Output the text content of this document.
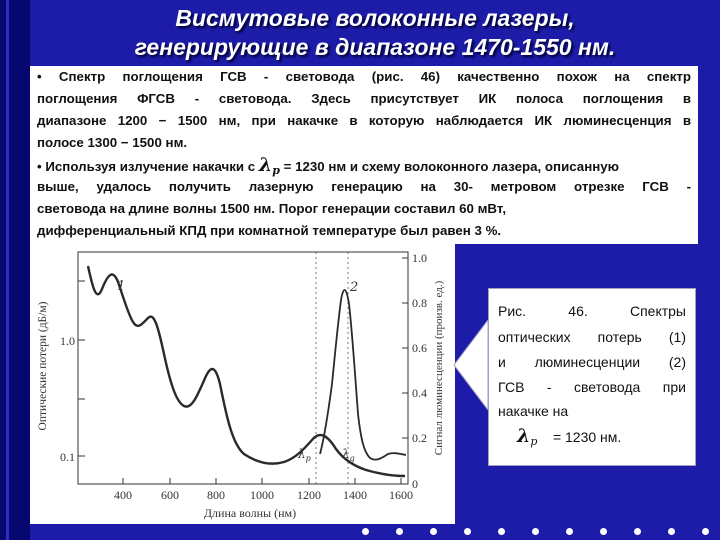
Висмутовые волоконные лазеры,
генерирующие в диапазоне 1470-1550 нм.
• Спектр поглощения ГСВ - световода (рис. 46) качественно похож на спектр
поглощения ФГСВ - световода. Здесь присутствует ИК полоса поглощения в
диапазоне 1200 − 1500 нм, при накачке в которую наблюдается ИК люминесценция в
полосе 1300 − 1500 нм.
• Используя излучение накачки с $\lambda_p = 1230$ нм и схему волоконного лазера, описанную
выше, удалось получить лазерную генерацию на 30- метровом отрезке ГСВ -
световода на длине волны 1500 нм. Порог генерации составил 60 мВт,
дифференциальный КПД при комнатной температуре был равен 3 %.
1	2
$\lambda_p$	$\lambda_g$
1.0
0.1
1.0
0.8
0.6
0.4
0.2
0
400 600 800 1000 1200 1400 1600
Длина волны (нм)
Оптические потери (дБ/м)	Сигнал люминесценции (произв. ед.)	Рис. 46. Спектры
оптических потерь (1)
и люминесценции (2)
ГСВ - световода при
накачке на
$\lambda_p = 1230$ нм.
